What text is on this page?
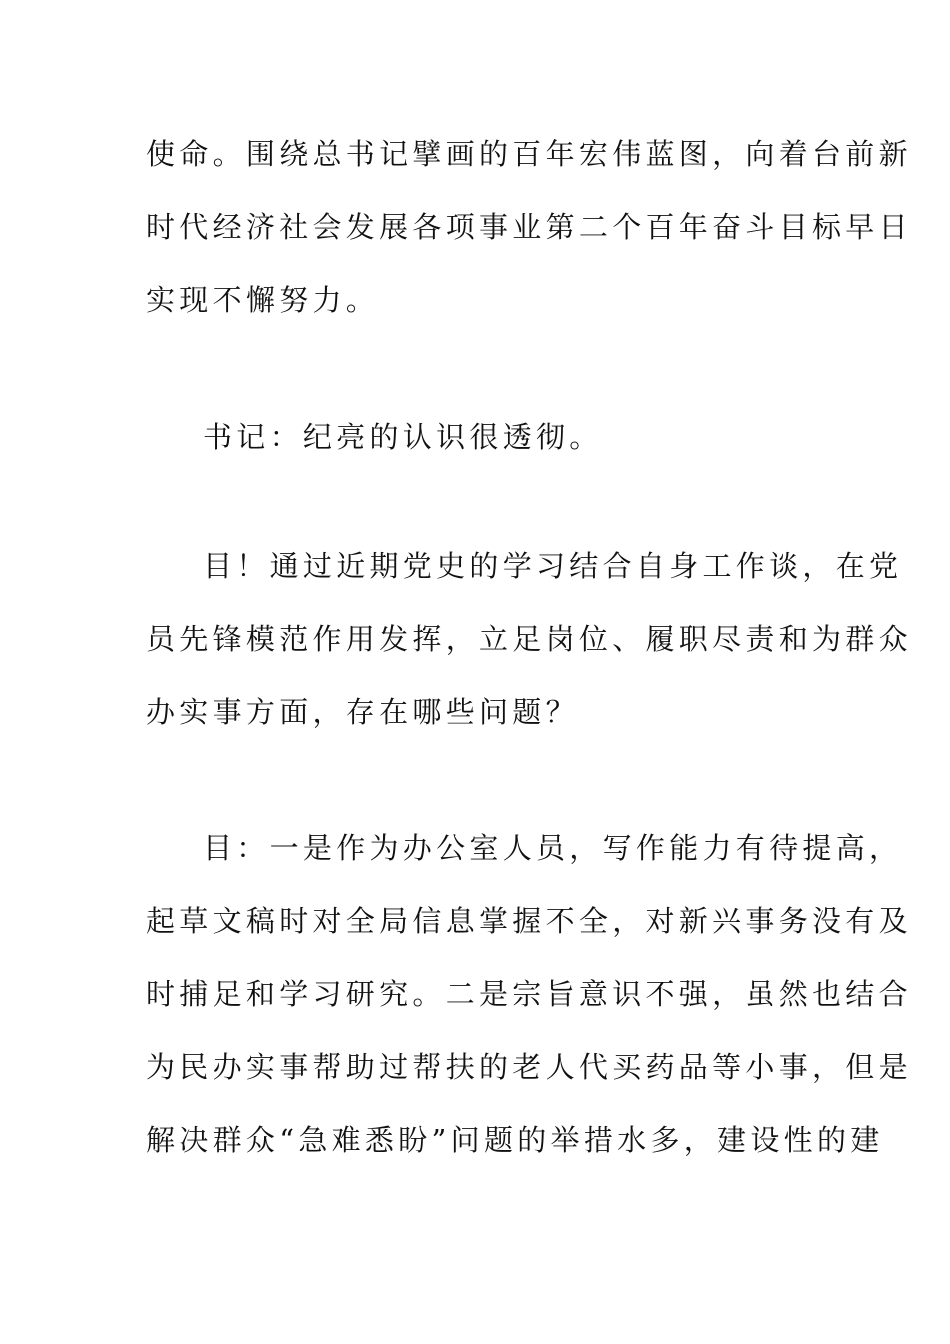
使命。围绕总书记擘画的百年宏伟蓝图，向着台前新
时代经济社会发展各项事业第二个百年奋斗目标早日
实现不懈努力。
书记：纪亮的认识很透彻。
目！通过近期党史的学习结合自身工作谈，在党
员先锋模范作用发挥，立足岗位、履职尽责和为群众
办实事方面，存在哪些问题？
目：一是作为办公室人员，写作能力有待提高，
起草文稿时对全局信息掌握不全，对新兴事务没有及
时捕足和学习研究。二是宗旨意识不强，虽然也结合
为民办实事帮助过帮扶的老人代买药品等小事，但是
解决群众“急难悉盼”问题的举措水多，建设性的建
